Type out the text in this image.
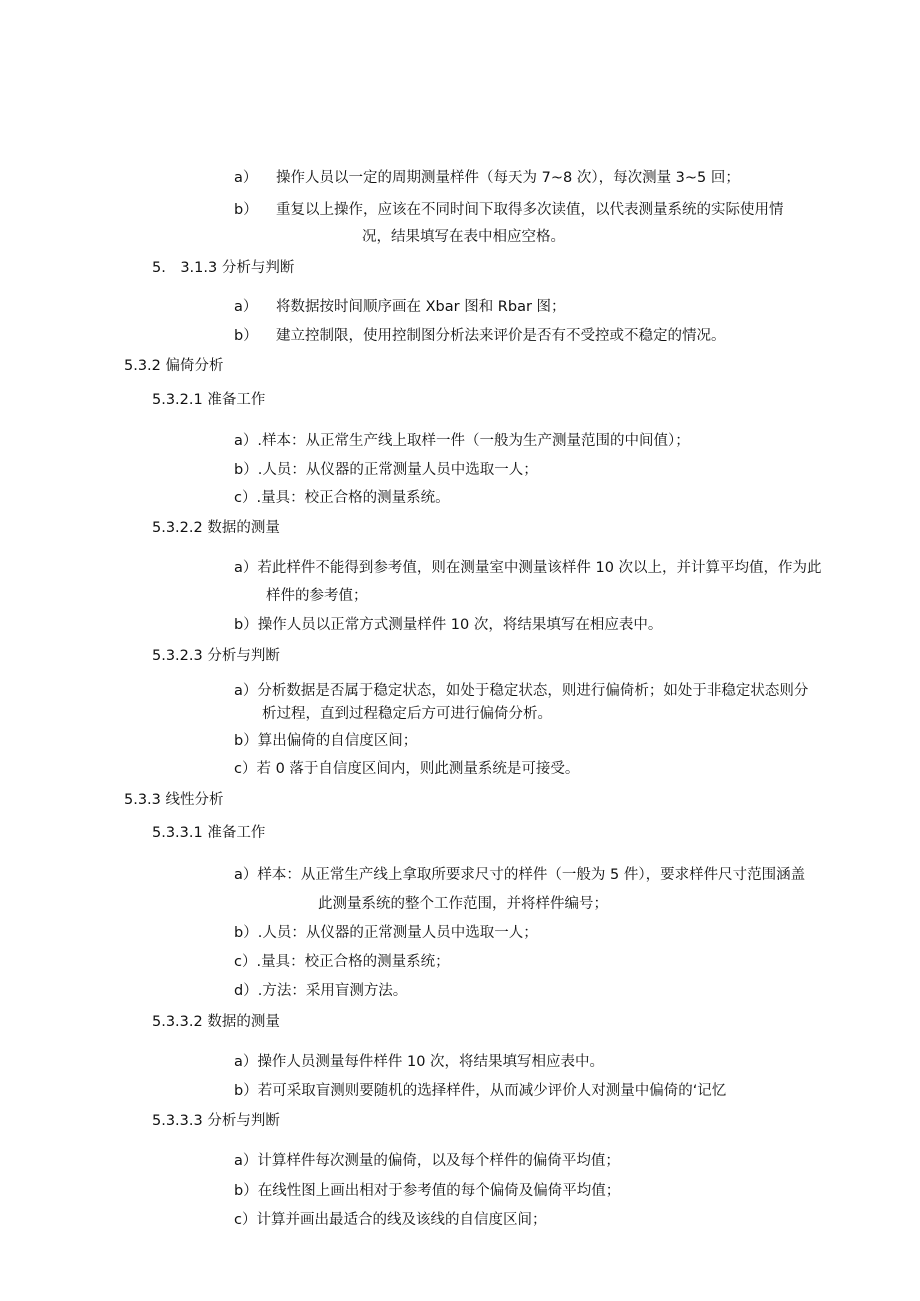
a） 操作人员以一定的周期测量样件（每天为 7~8 次），每次测量 3~5 回；
b） 重复以上操作，应该在不同时间下取得多次读值，以代表测量系统的实际使用情
况，结果填写在表中相应空格。
5.　3.1.3 分析与判断
a） 将数据按时间顺序画在 Xbar 图和 Rbar 图；
b） 建立控制限，使用控制图分析法来评价是否有不受控或不稳定的情况。
5.3.2 偏倚分析
5.3.2.1 准备工作
a）.样本：从正常生产线上取样一件（一般为生产测量范围的中间值）；
b）.人员：从仪器的正常测量人员中选取一人；
c）.量具：校正合格的测量系统。
5.3.2.2 数据的测量
a）若此样件不能得到参考值，则在测量室中测量该样件 10 次以上，并计算平均值，作为此
样件的参考值；
b）操作人员以正常方式测量样件 10 次，将结果填写在相应表中。
5.3.2.3 分析与判断
a）分析数据是否属于稳定状态，如处于稳定状态，则进行偏倚析；如处于非稳定状态则分
析过程，直到过程稳定后方可进行偏倚分析。
b）算出偏倚的自信度区间；
c）若 0 落于自信度区间内，则此测量系统是可接受。
5.3.3 线性分析
5.3.3.1 准备工作
a）样本：从正常生产线上拿取所要求尺寸的样件（一般为 5 件），要求样件尺寸范围涵盖
此测量系统的整个工作范围，并将样件编号；
b）.人员：从仪器的正常测量人员中选取一人；
c）.量具：校正合格的测量系统；
d）.方法：采用盲测方法。
5.3.3.2 数据的测量
a）操作人员测量每件样件 10 次，将结果填写相应表中。
b）若可采取盲测则要随机的选择样件，从而减少评价人对测量中偏倚的‘记忆
5.3.3.3 分析与判断
a）计算样件每次测量的偏倚，以及每个样件的偏倚平均值；
b）在线性图上画出相对于参考值的每个偏倚及偏倚平均值；
c）计算并画出最适合的线及该线的自信度区间；
